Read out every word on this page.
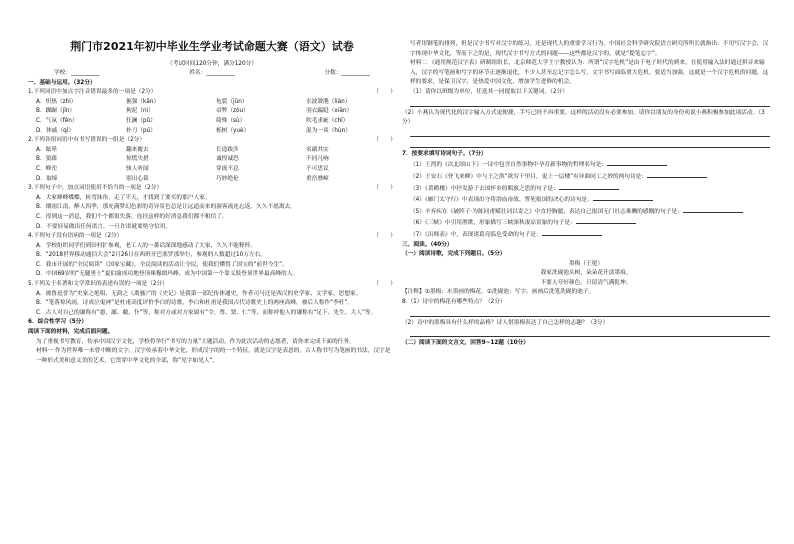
荆门市2021年初中毕业生学业考试命题大赛（语文）试卷
（考试时间120分钟，满分120分）
学校：__________	姓名：__________	分数：__________
一、基础与运用。（32分）
1.下列词语中加点字注音错误最多的一项是（2分）	（　　）
A．炽热（zhì）	倔强（kān）	龟裂（jūn）	水波潋滟（liàn）
B．踟蹰（jīn）	拘泥（nì）	帚弊（zòu）	羽衣蹁跹（xiān）
C．气氛（fēn）	狂澜（pǔ）	绮殊（sù）	吹毛求疵（chī）
D．休戚（qì）	朴刀（pú）	栎树（yuè）	混为一谈（hùn）
2.下列各组词语中有书写错误的一组是（2分）	（　　）
A．眩晕	翻来覆去	长途跋涉	名副其实
B．狼藉	惊慌失措	诚惶诚恐	不同凡响
C．峰峦	骇人听闻	穿流不息	不可思议
D．取缔	别出心裁	巧妙绝伦	重峦叠嶂
3.下列句子中，加点词语使用不恰当的一项是（2分）	（　　）
A．大家峰峰蝶蝶，转弯抹角，走了半天，才找到了要买的那户人家。
B．烟雨江南，醉人四季，那充满梦幻色彩的奇异景色总是让远道而来的游客流连忘返，久久不愿离去。
C．得到这一消息，我们个个都很失落，连挂这样的好消息我们都不相信了。
D．不要轻易做出任何诺言，一旦许诺就要恪守信用。
4.下列句子没有语病的一项是（2分）	（　　）
A．学校组织同学们到田村扩参观，老工人的一番话深深地感动了大家，久久不能释怀。
B．“2018世界移动通信大会”2月26日在西班牙巴塞罗那举行，参观的人数超过10万左右。
C．我市开展的“全民阅读”《国家宝藏》，全民阅读的活动让全民，使我们懂得了国宝的“前世今生”。
D．中国69岁的“无腿勇士”夏伯渝成功地登顶珠穆朗玛峰，成为中国第一个靠义肢登顶世界最高峰的人。
5.下列关于名著和文学常识的表述有误的一项是（2分）	（　　）
A．被鲁迅誉为“史家之绝唱，无韵之《离骚》”的《史记》是我第一部纪传体通史，作者司马迁是西汉的史学家、文学家、思想家。
B．“笔落惊风雨，诗成泣鬼神”是杜甫高度评价李白的诗歌，李白和杜甫是我国古代诗歌史上的两座高峰，被后人称作“李杜”。
C．古人对自己的谦称有“愚、鄙、敝、仆”等，称对方或对方家属有“令、尊、贤、仁”等，而称呼他人的谦称有“足下、先生、大人”等。
6．综合性学习（5分）
阅读下面的材料，完成后面问题。
为了重视书写教育，传承中国汉字文化，学校将举行“书写的力量”主题活动。作为此次活动的志愿者，请你来完成下面的任务。
材料一 作为世界唯一未曾中断的文字，汉字传承着中华文化。形成汉字的的一个特征，就是汉字是表意的。古人称书写为笔画的书法，汉字是一种形式美和意义美的艺术，它贯穿中华文化的全部，称“见字如见人”。
写者用钢笔的排列，但是汉字书写对汉字的练习，还是现代人的重要学习行为。中国社会科学研究院语言研究所所长就指出：不用写汉字会，汉字体现中华文化，等而下之的是，现代汉字书写方式的问题——这些都是汉字的，就是“提笔忘字”。
材料二 《通用规范汉字表》研制组组长，北京师范大学王宁教授认为：所谓“汉字危机”是由于电子时代的到来，在使用输入法时通过拼音来输入，汉字的写笔画和写字的环节正逐渐退化，不少人甚至忘记字怎么写，文字书写面临重大危机。要适当加强，这就是一个汉字危机的问题，这样的要求，是保卫汉字，是热爱中国文化，增加学生进修的机会。
（1）请你以班级为单位，任选其一同提取以下关键词。（2分）
（2）小燕认为现代化的汉字输入方式更便捷，手写已经不再重要，这样的活动没有必要参加。请你以朋友的身份劝说小燕积极参加此项活动。（3分）
7．按要求填写诗词句子。（7分）
（1）王湾的《次北固山下》一诗中包含自然事物中孕育新事物的哲理名句是：
（2）王安石《登飞来峰》中与王之涣“欲穷千里目，更上一层楼”有异曲同工之妙的两句诗是：
（3）《黄鹤楼》中抒发游子去国怀乡的羁旅之思的句子是：
（4）《雁门太守行》中表现出守将浴血奋战、誓死报国的决心的诗句是：
（5）辛弃疾在《破阵子·为陈同甫赋壮词以寄之》中直抒胸臆，表达自己报国无门壮志难酬的感慨的句子是：
（6）《三峡》中引用渔歌，形象描写三峡深秋凄凉景象的句子是：
（7）《出师表》中，表现诸葛亮临危受命的句子是：
三、阅读。（40分）
（一）阅读诗歌，完成下列题目。（5分）
墨梅（王冕）
我家洗砚池头树，朵朵花开淡墨痕。
不要人夸好颜色，只留清气满乾坤。
【注释】①墨梅：水墨画的梅花。②洗砚池：写字、画画后洗笔洗砚的池子。
8.（1）诗中的梅花有哪些特点？（2分）
（2）诗中的墨梅具有什么样的品格？诗人借墨梅表达了自己怎样的志趣？（3分）
（二）阅读下面的文言文，回答9~12题（10分）
